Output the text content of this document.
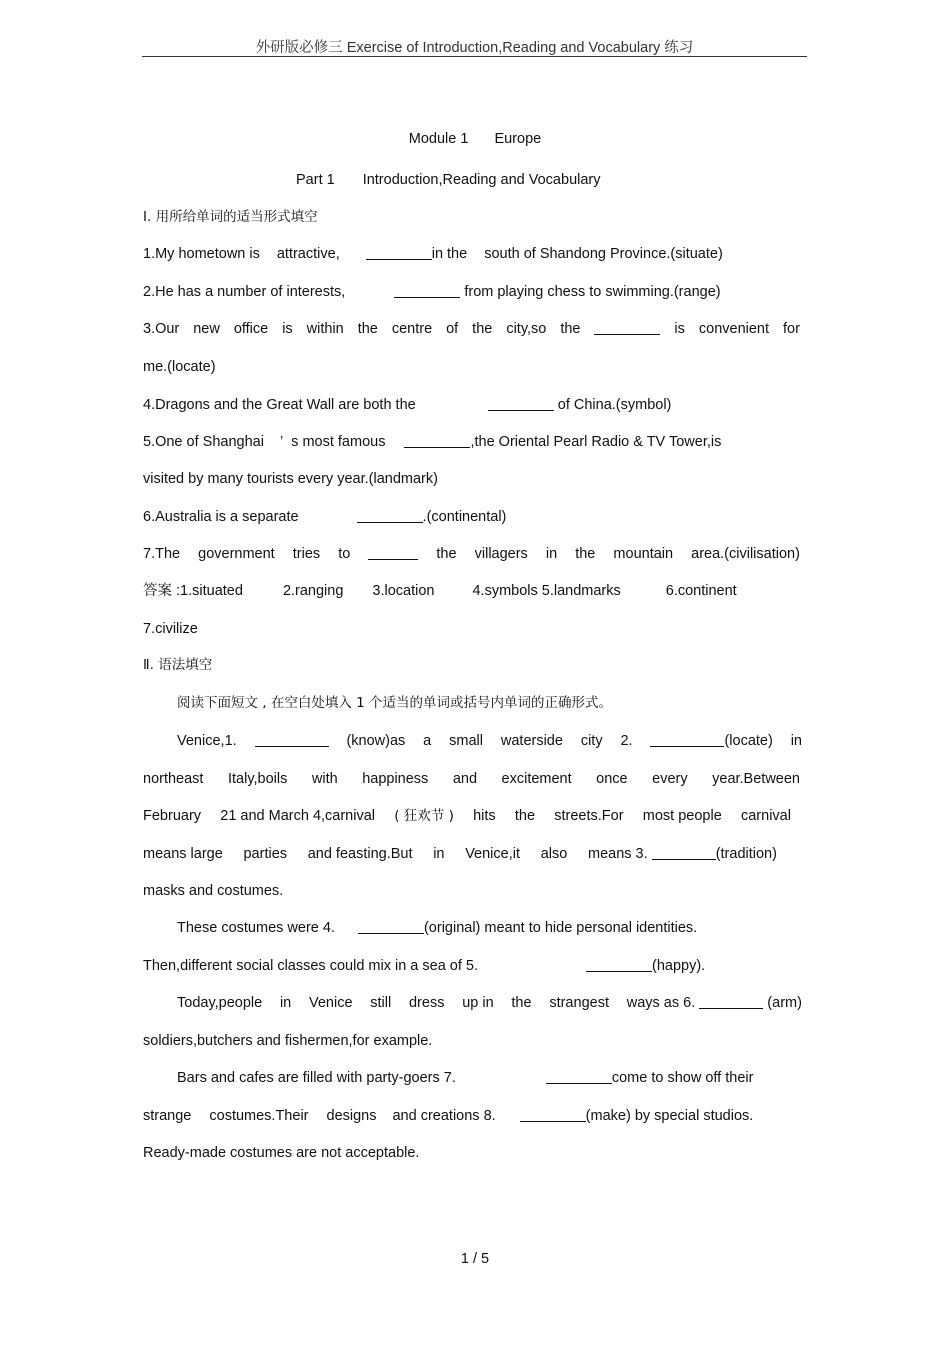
外研版必修三 Exercise of Introduction,Reading and Vocabulary 练习
Module 1 Europe
Part 1 Introduction,Reading and Vocabulary
Ⅰ. 用所给单词的适当形式填空
1.My hometown is attractive,	in the south of Shandong Province.(situate)
2.He has a number of interests,	from playing chess to swimming.(range)
3.Our new office is within the centre of the city,so the	is convenient for
me.(locate)
4.Dragons and the Great Wall are both the	of China.(symbol)
5.One of Shanghai ’ s most famous	,the Oriental Pearl Radio & TV Tower,is
visited by many tourists every year.(landmark)
6.Australia is a separate	.(continental)
7.The government tries to	the villagers in the mountain area.(civilisation)
答案 :1.situated	2.ranging 3.location	4.symbols 5.landmarks	6.continent
7.civilize
Ⅱ. 语法填空
阅读下面短文 , 在空白处填入 1 个适当的单词或括号内单词的正确形式。
Venice,1.	(know)as a small waterside city 2.	(locate) in
northeast Italy,boils with happiness and excitement once every year.Between
February 21 and March 4,carnival ( 狂欢节 ) hits the streets.For most people carnival
means large parties and feasting.But in Venice,it also means 3.	(tradition)
masks and costumes.
These costumes were 4.	(original) meant to hide personal identities.
Then,different social classes could mix in a sea of 5.	(happy).
Today,people in Venice still dress up in the strangest ways as 6.	(arm)
soldiers,butchers and fishermen,for example.
Bars and cafes are filled with party-goers 7.	come to show off their
strange costumes.Their designs and creations 8.	(make) by special studios.
Ready-made costumes are not acceptable.
1 / 5
